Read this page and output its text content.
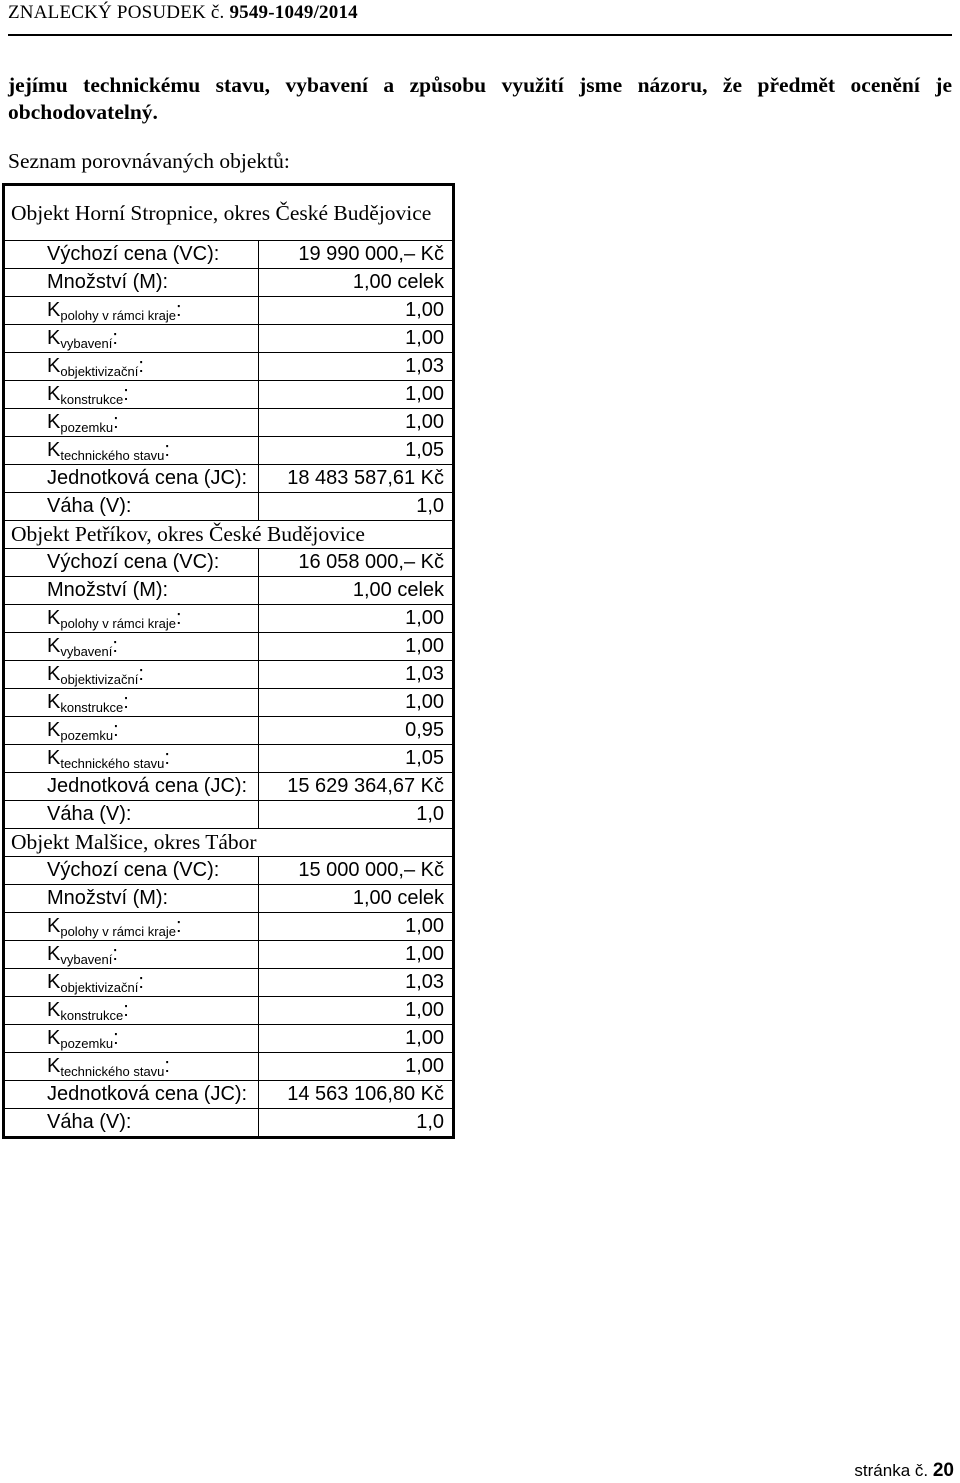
ZNALECKÝ POSUDEK č. 9549-1049/2014
jejímu technickému stavu, vybavení a způsobu využití jsme názoru, že předmět ocenění je obchodovatelný.
Seznam porovnávaných objektů:
Objekt Horní Stropnice, okres České Budějovice	
Výchozí cena (VC):	19 990 000,– Kč
Množství (M):	1,00 celek
$K_{polohy v rámci kraje}$:	1,00
$K_{vybavení}$:	1,00
$K_{objektivizační}$:	1,03
$K_{konstrukce}$:	1,00
$K_{pozemku}$:	1,00
$K_{technického stavu}$:	1,05
Jednotková cena (JC):	18 483 587,61 Kč
Váha (V):	1,0
Objekt Petříkov, okres České Budějovice	
Výchozí cena (VC):	16 058 000,– Kč
Množství (M):	1,00 celek
$K_{polohy v rámci kraje}$:	1,00
$K_{vybavení}$:	1,00
$K_{objektivizační}$:	1,03
$K_{konstrukce}$:	1,00
$K_{pozemku}$:	0,95
$K_{technického stavu}$:	1,05
Jednotková cena (JC):	15 629 364,67 Kč
Váha (V):	1,0
Objekt Malšice, okres Tábor	
Výchozí cena (VC):	15 000 000,– Kč
Množství (M):	1,00 celek
$K_{polohy v rámci kraje}$:	1,00
$K_{vybavení}$:	1,00
$K_{objektivizační}$:	1,03
$K_{konstrukce}$:	1,00
$K_{pozemku}$:	1,00
$K_{technického stavu}$:	1,00
Jednotková cena (JC):	14 563 106,80 Kč
Váha (V):	1,0
stránka č. 20
